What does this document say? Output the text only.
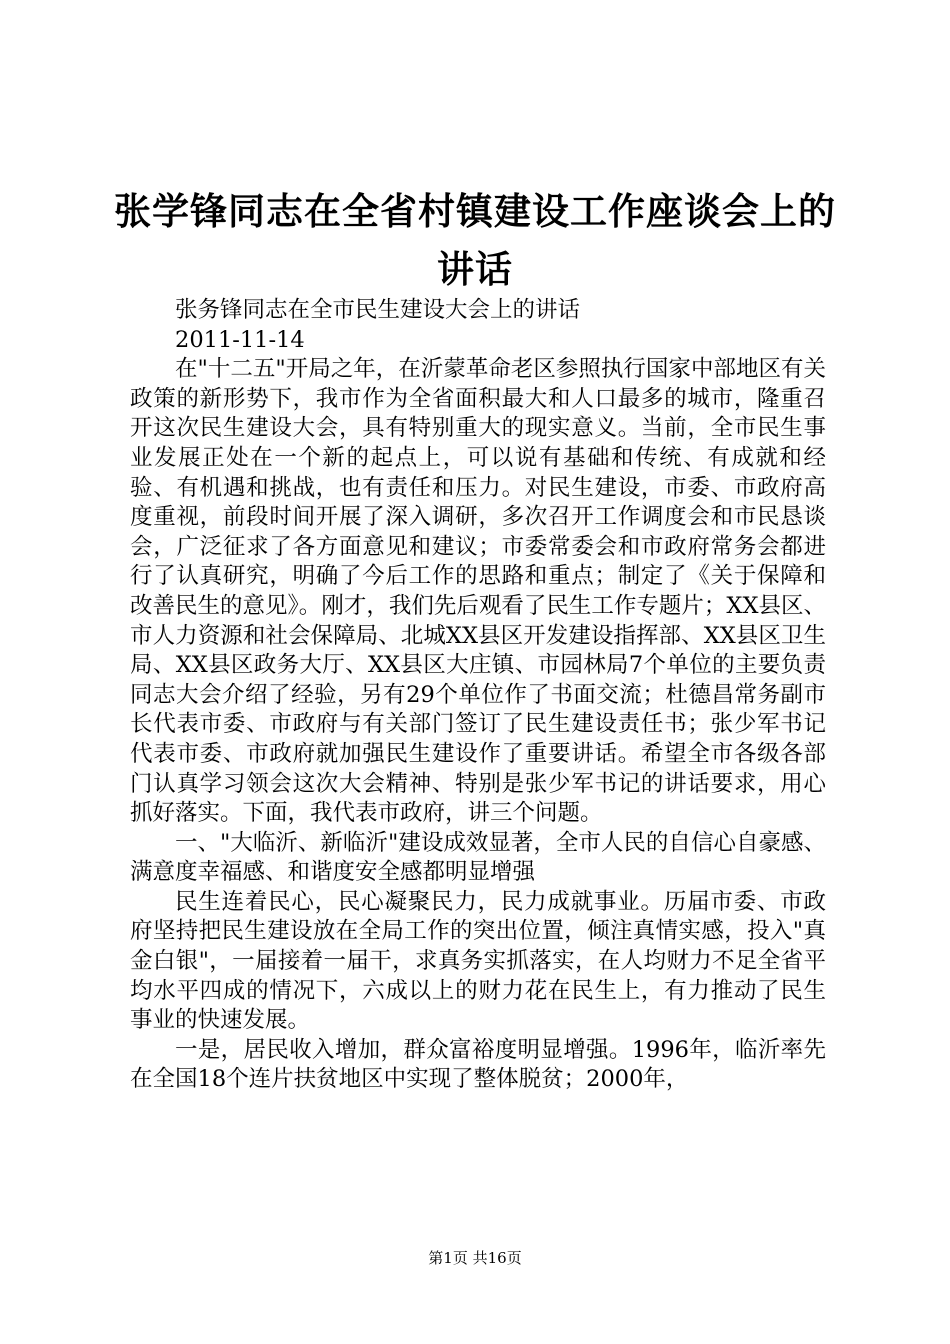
张学锋同志在全省村镇建设工作座谈会上的讲话

张务锋同志在全市民生建设大会上的讲话

2011-11-14

在"十二五"开局之年，在沂蒙革命老区参照执行国家中部地区有关政策的新形势下，我市作为全省面积最大和人口最多的城市，隆重召开这次民生建设大会，具有特别重大的现实意义。当前，全市民生事业发展正处在一个新的起点上，可以说有基础和传统、有成就和经验、有机遇和挑战，也有责任和压力。对民生建设，市委、市政府高度重视，前段时间开展了深入调研，多次召开工作调度会和市民恳谈会，广泛征求了各方面意见和建议；市委常委会和市政府常务会都进行了认真研究，明确了今后工作的思路和重点；制定了《关于保障和改善民生的意见》。刚才，我们先后观看了民生工作专题片；XX县区、市人力资源和社会保障局、北城XX县区开发建设指挥部、XX县区卫生局、XX县区政务大厅、XX县区大庄镇、市园林局7个单位的主要负责同志大会介绍了经验，另有29个单位作了书面交流；杜德昌常务副市长代表市委、市政府与有关部门签订了民生建设责任书；张少军书记代表市委、市政府就加强民生建设作了重要讲话。希望全市各级各部门认真学习领会这次大会精神、特别是张少军书记的讲话要求，用心抓好落实。下面，我代表市政府，讲三个问题。

一、"大临沂、新临沂"建设成效显著，全市人民的自信心自豪感、满意度幸福感、和谐度安全感都明显增强

民生连着民心，民心凝聚民力，民力成就事业。历届市委、市政府坚持把民生建设放在全局工作的突出位置，倾注真情实感，投入"真金白银"，一届接着一届干，求真务实抓落实，在人均财力不足全省平均水平四成的情况下，六成以上的财力花在民生上，有力推动了民生事业的快速发展。

一是，居民收入增加，群众富裕度明显增强。1996年，临沂率先在全国18个连片扶贫地区中实现了整体脱贫；2000年，

第1页 共16页
